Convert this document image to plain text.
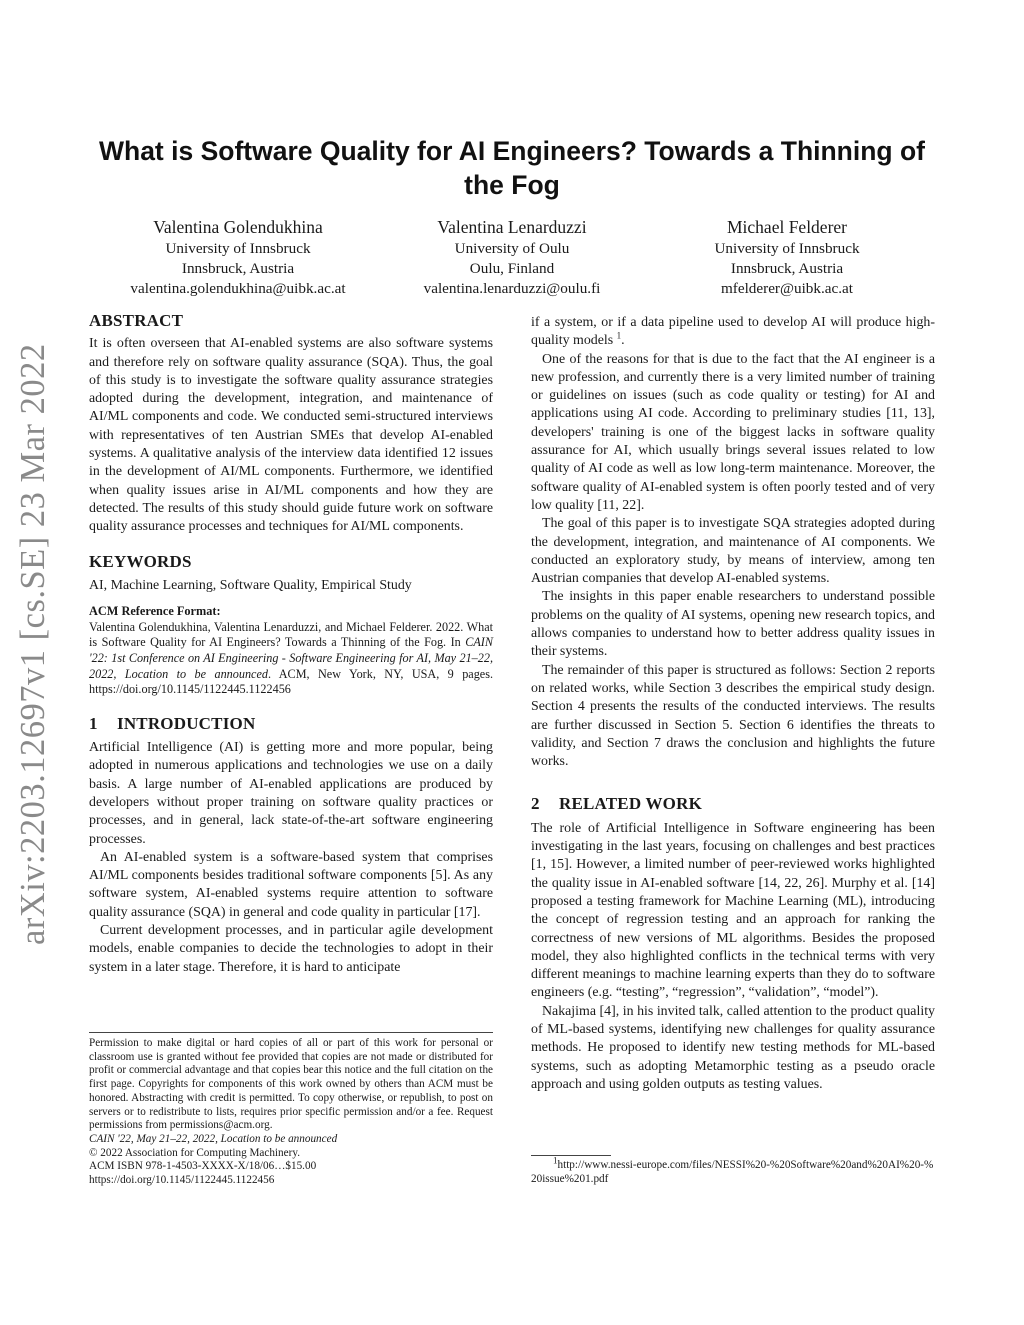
What is Software Quality for AI Engineers? Towards a Thinning of the Fog
Valentina Golendukhina
University of Innsbruck
Innsbruck, Austria
valentina.golendukhina@uibk.ac.at
Valentina Lenarduzzi
University of Oulu
Oulu, Finland
valentina.lenarduzzi@oulu.fi
Michael Felderer
University of Innsbruck
Innsbruck, Austria
mfelderer@uibk.ac.at
arXiv:2203.12697v1 [cs.SE] 23 Mar 2022
ABSTRACT

It is often overseen that AI-enabled systems are also software systems and therefore rely on software quality assurance (SQA). Thus, the goal of this study is to investigate the software quality assurance strategies adopted during the development, integration, and maintenance of AI/ML components and code. We conducted semi-structured interviews with representatives of ten Austrian SMEs that develop AI-enabled systems. A qualitative analysis of the interview data identified 12 issues in the development of AI/ML components. Furthermore, we identified when quality issues arise in AI/ML components and how they are detected. The results of this study should guide future work on software quality assurance processes and techniques for AI/ML components.

KEYWORDS

AI, Machine Learning, Software Quality, Empirical Study

ACM Reference Format:

Valentina Golendukhina, Valentina Lenarduzzi, and Michael Felderer. 2022. What is Software Quality for AI Engineers? Towards a Thinning of the Fog. In CAIN '22: 1st Conference on AI Engineering - Software Engineering for AI, May 21–22, 2022, Location to be announced. ACM, New York, NY, USA, 9 pages. https://doi.org/10.1145/1122445.1122456

1 INTRODUCTION

Artificial Intelligence (AI) is getting more and more popular, being adopted in numerous applications and technologies we use on a daily basis. A large number of AI-enabled applications are produced by developers without proper training on software quality practices or processes, and in general, lack state-of-the-art software engineering processes.

An AI-enabled system is a software-based system that comprises AI/ML components besides traditional software components [5]. As any software system, AI-enabled systems require attention to software quality assurance (SQA) in general and code quality in particular [17].

Current development processes, and in particular agile development models, enable companies to decide the technologies to adopt in their system in a later stage. Therefore, it is hard to anticipate

Permission to make digital or hard copies of all or part of this work for personal or classroom use is granted without fee provided that copies are not made or distributed for profit or commercial advantage and that copies bear this notice and the full citation on the first page. Copyrights for components of this work owned by others than ACM must be honored. Abstracting with credit is permitted. To copy otherwise, or republish, to post on servers or to redistribute to lists, requires prior specific permission and/or a fee. Request permissions from permissions@acm.org.

CAIN '22, May 21–22, 2022, Location to be announced

© 2022 Association for Computing Machinery.

ACM ISBN 978-1-4503-XXXX-X/18/06…$15.00

https://doi.org/10.1145/1122445.1122456

if a system, or if a data pipeline used to develop AI will produce high-quality models $^1$.

One of the reasons for that is due to the fact that the AI engineer is a new profession, and currently there is a very limited number of training or guidelines on issues (such as code quality or testing) for AI and applications using AI code. According to preliminary studies [11, 13], developers' training is one of the biggest lacks in software quality assurance for AI, which usually brings several issues related to low quality of AI code as well as low long-term maintenance. Moreover, the software quality of AI-enabled system is often poorly tested and of very low quality [11, 22].

The goal of this paper is to investigate SQA strategies adopted during the development, integration, and maintenance of AI components. We conducted an exploratory study, by means of interview, among ten Austrian companies that develop AI-enabled systems.

The insights in this paper enable researchers to understand possible problems on the quality of AI systems, opening new research topics, and allows companies to understand how to better address quality issues in their systems.

The remainder of this paper is structured as follows: Section 2 reports on related works, while Section 3 describes the empirical study design. Section 4 presents the results of the conducted interviews. The results are further discussed in Section 5. Section 6 identifies the threats to validity, and Section 7 draws the conclusion and highlights the future works.

2 RELATED WORK

The role of Artificial Intelligence in Software engineering has been investigating in the last years, focusing on challenges and best practices [1, 15]. However, a limited number of peer-reviewed works highlighted the quality issue in AI-enabled software [14, 22, 26]. Murphy et al. [14] proposed a testing framework for Machine Learning (ML), introducing the concept of regression testing and an approach for ranking the correctness of new versions of ML algorithms. Besides the proposed model, they also highlighted conflicts in the technical terms with very different meanings to machine learning experts than they do to software engineers (e.g. “testing”, “regression”, “validation”, “model”).

Nakajima [4], in his invited talk, called attention to the product quality of ML-based systems, identifying new challenges for quality assurance methods. He proposed to identify new testing methods for ML-based systems, such as adopting Metamorphic testing as a pseudo oracle approach and using golden outputs as testing values.

$^1$http://www.nessi-europe.com/files/NESSI%20-%20Software%20and%20AI%20-%20issue%201.pdf
